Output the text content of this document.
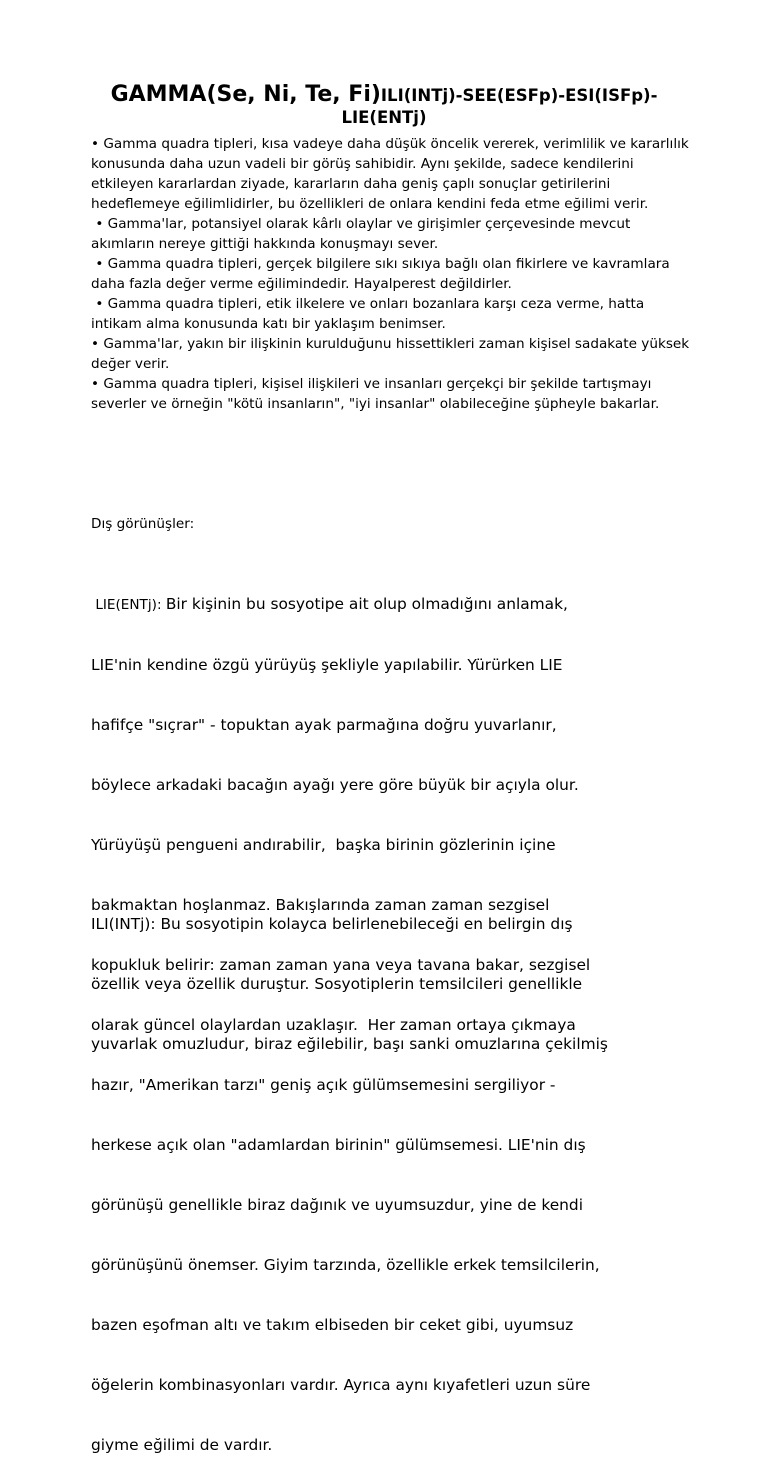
GAMMA(Se, Ni, Te, Fi)ILI(INTj)-SEE(ESFp)-ESI(ISFp)-
LIE(ENTj)

• Gamma quadra tipleri, kısa vadeye daha düşük öncelik vererek, verimlilik ve kararlılık konusunda daha uzun vadeli bir görüş sahibidir. Aynı şekilde, sadece kendilerini etkileyen kararlardan ziyade, kararların daha geniş çaplı sonuçlar getirilerini hedeflemeye eğilimlidirler, bu özellikleri de onlara kendini feda etme eğilimi verir.

• Gamma'lar, potansiyel olarak kârlı olaylar ve girişimler çerçevesinde mevcut akımların nereye gittiği hakkında konuşmayı sever.

• Gamma quadra tipleri, gerçek bilgilere sıkı sıkıya bağlı olan fikirlere ve kavramlara daha fazla değer verme eğilimindedir. Hayalperest değildirler.

• Gamma quadra tipleri, etik ilkelere ve onları bozanlara karşı ceza verme, hatta intikam alma konusunda katı bir yaklaşım benimser.

• Gamma'lar, yakın bir ilişkinin kurulduğunu hissettikleri zaman kişisel sadakate yüksek değer verir.

• Gamma quadra tipleri, kişisel ilişkileri ve insanları gerçekçi bir şekilde tartışmayı severler ve örneğin "kötü insanların", "iyi insanlar" olabileceğine şüpheyle bakarlar.

Dış görünüşler:

LIE(ENTj): Bir kişinin bu sosyotipe ait olup olmadığını anlamak,

LIE'nin kendine özgü yürüyüş şekliyle yapılabilir. Yürürken LIE

hafifçe "sıçrar" - topuktan ayak parmağına doğru yuvarlanır,

böylece arkadaki bacağın ayağı yere göre büyük bir açıyla olur.

Yürüyüşü pengueni andırabilir,  başka birinin gözlerinin içine

bakmaktan hoşlanmaz. Bakışlarında zaman zaman sezgisel

kopukluk belirir: zaman zaman yana veya tavana bakar, sezgisel

olarak güncel olaylardan uzaklaşır.  Her zaman ortaya çıkmaya

hazır, "Amerikan tarzı" geniş açık gülümsemesini sergiliyor -

herkese açık olan "adamlardan birinin" gülümsemesi. LIE'nin dış

görünüşü genellikle biraz dağınık ve uyumsuzdur, yine de kendi

görünüşünü önemser. Giyim tarzında, özellikle erkek temsilcilerin,

bazen eşofman altı ve takım elbiseden bir ceket gibi, uyumsuz

öğelerin kombinasyonları vardır. Ayrıca aynı kıyafetleri uzun süre

giyme eğilimi de vardır.

ILI(INTj): Bu sosyotipin kolayca belirlenebileceği en belirgin dış

özellik veya özellik duruştur. Sosyotiplerin temsilcileri genellikle

yuvarlak omuzludur, biraz eğilebilir, başı sanki omuzlarına çekilmiş
